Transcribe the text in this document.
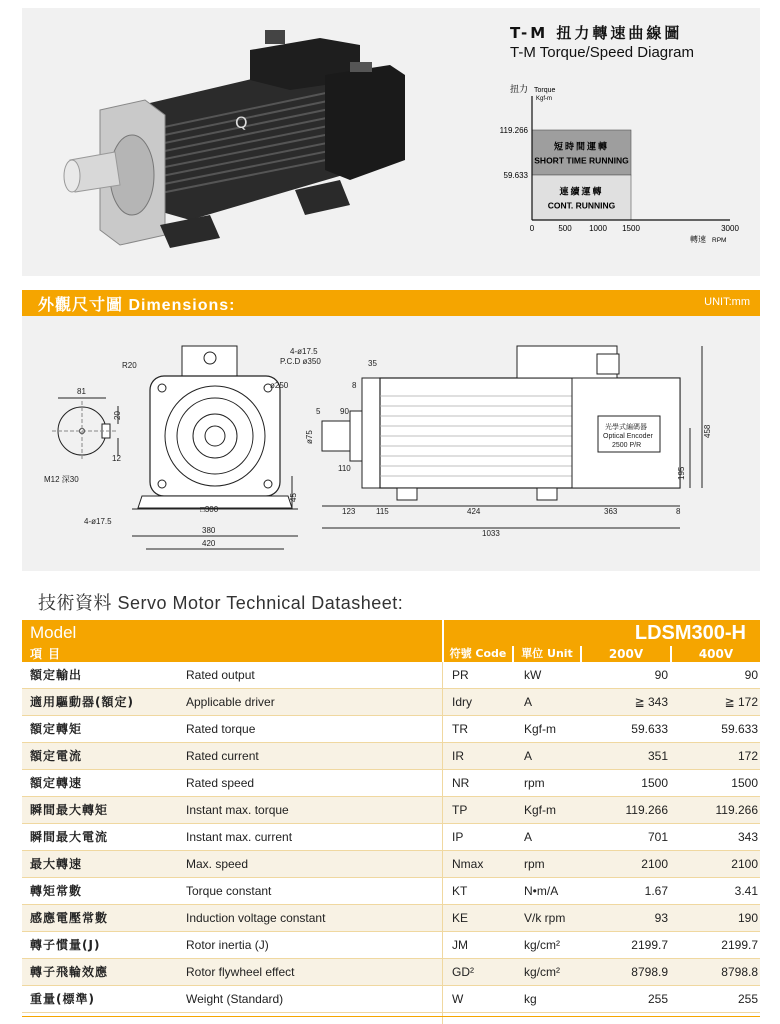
Q
T-M 扭力轉速曲線圖
T-M Torque/Speed Diagram
短時間運轉
SHORT TIME RUNNING
連續運轉
CONT. RUNNING
扭力 Torque
Kgf-m
119.266
59.633
0	500 1000 1500	3000
轉速 RPM
外觀尺寸圖 Dimensions:	UNIT:mm
81
20
12
M12 深30
R20
4-ø17.5
P.C.D ø350
ø250
□300
45
4-ø17.5
380
420
35
8
5 90
ø75
110
123	115	424	363	8
1033
458
195
光學式編碼器
Optical Encoder
2500 P/R
技術資料 Servo Motor Technical Datasheet:
Model	LDSM300-H
項目	符號 Code	單位 Unit	200V	400V
額定輸出	Rated output	PR	kW	90	90
適用驅動器(額定)	Applicable driver	Idry	A	≧ 343	≧ 172
額定轉矩	Rated torque	TR	Kgf-m	59.633	59.633
額定電流	Rated current	IR	A	351	172
額定轉速	Rated speed	NR	rpm	1500	1500
瞬間最大轉矩	Instant max. torque	TP	Kgf-m	119.266	119.266
瞬間最大電流	Instant max. current	IP	A	701	343
最大轉速	Max. speed	Nmax	rpm	2100	2100
轉矩常數	Torque constant	KT	N•m/A	1.67	3.41
感應電壓常數	Induction voltage constant	KE	V/k rpm	93	190
轉子慣量(J)	Rotor inertia (J)	JM	kg/cm²	2199.7	2199.7
轉子飛輪效應	Rotor flywheel effect	GD²	kg/cm²	8798.9	8798.8
重量(標準)	Weight (Standard)	W	kg	255	255
